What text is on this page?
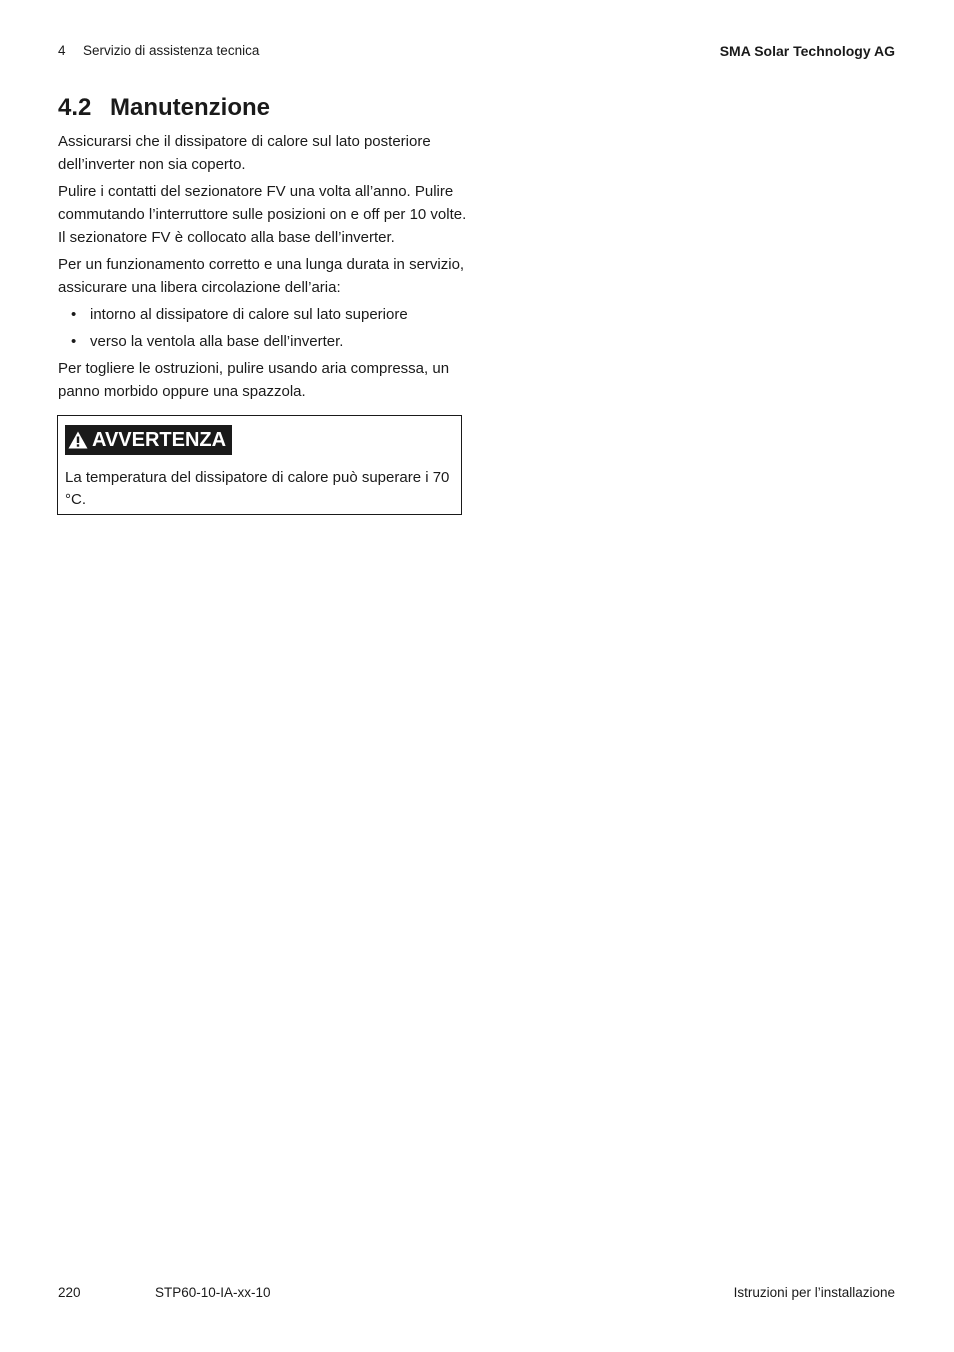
4 Servizio di assistenza tecnica	SMA Solar Technology AG
4.2 Manutenzione

Assicurarsi che il dissipatore di calore sul lato posteriore dell’inverter non sia coperto.

Pulire i contatti del sezionatore FV una volta all’anno. Pulire commutando l’interruttore sulle posizioni on e off per 10 volte. Il sezionatore FV è collocato alla base dell’inverter.

Per un funzionamento corretto e una lunga durata in servizio, assicurare una libera circolazione dell’aria:

• intorno al dissipatore di calore sul lato superiore
• verso la ventola alla base dell’inverter.

Per togliere le ostruzioni, pulire usando aria compressa, un panno morbido oppure una spazzola.

AVVERTENZA

La temperatura del dissipatore di calore può superare i 70 °C.

220	STP60-10-IA-xx-10	Istruzioni per l’installazione
